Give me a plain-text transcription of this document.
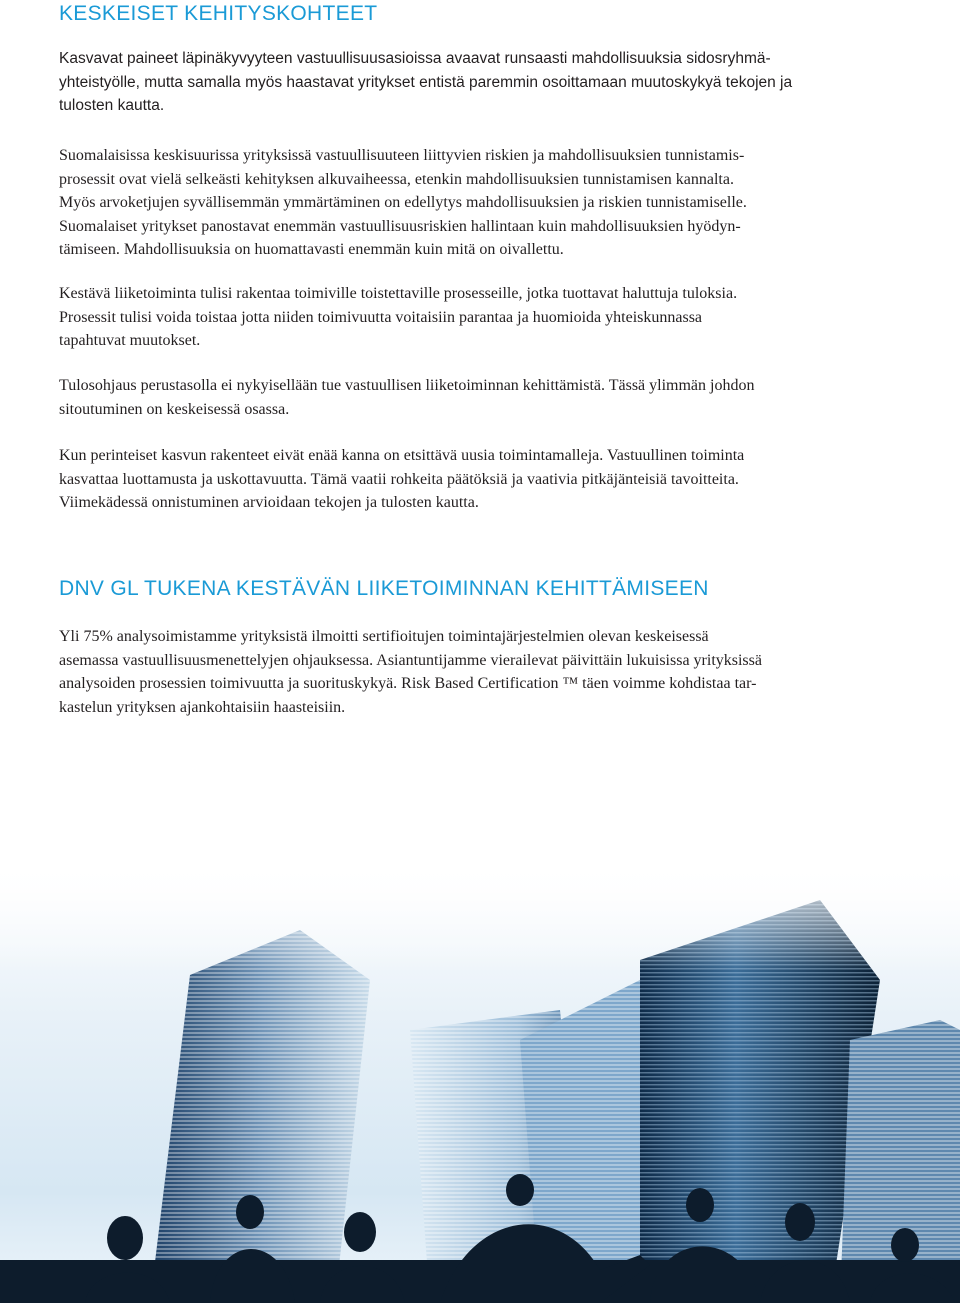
KESKEISET KEHITYSKOHTEET

Kasvavat paineet läpinäkyvyyteen vastuullisuusasioissa avaavat runsaasti mahdollisuuksia sidosryhmä-
yhteistyölle, mutta samalla myös haastavat yritykset entistä paremmin osoittamaan muutoskykyä tekojen ja
tulosten kautta.

Suomalaisissa keskisuurissa yrityksissä vastuullisuuteen liittyvien riskien ja mahdollisuuksien tunnistamis-
prosessit ovat vielä selkeästi kehityksen alkuvaiheessa, etenkin mahdollisuuksien tunnistamisen kannalta.
Myös arvoketjujen syvällisemmän ymmärtäminen on edellytys mahdollisuuksien ja riskien tunnistamiselle.
Suomalaiset yritykset panostavat enemmän vastuullisuusriskien hallintaan kuin mahdollisuuksien hyödyn-
tämiseen. Mahdollisuuksia on huomattavasti enemmän kuin mitä on oivallettu.

Kestävä liiketoiminta tulisi rakentaa toimiville toistettaville prosesseille, jotka tuottavat haluttuja tuloksia.
Prosessit tulisi voida toistaa jotta niiden toimivuutta voitaisiin parantaa ja huomioida yhteiskunnassa
tapahtuvat muutokset.

Tulosohjaus perustasolla ei nykyisellään tue vastuullisen liiketoiminnan kehittämistä. Tässä ylimmän johdon
sitoutuminen on keskeisessä osassa.

Kun perinteiset kasvun rakenteet eivät enää kanna on etsittävä uusia toimintamalleja. Vastuullinen toiminta
kasvattaa luottamusta ja uskottavuutta. Tämä vaatii rohkeita päätöksiä ja vaativia pitkäjänteisiä tavoitteita.
Viimekädessä onnistuminen arvioidaan tekojen ja tulosten kautta.

DNV GL TUKENA KESTÄVÄN LIIKETOIMINNAN KEHITTÄMISEEN

Yli 75% analysoimistamme yrityksistä ilmoitti sertifioitujen toimintajärjestelmien olevan keskeisessä
asemassa vastuullisuusmenettelyjen ohjauksessa. Asiantuntijamme vierailevat päivittäin lukuisissa yrityksissä
analysoiden prosessien toimivuutta ja suorituskykyä. Risk Based Certification ™ täen voimme kohdistaa tar-
kastelun yrityksen ajankohtaisiin haasteisiin.
